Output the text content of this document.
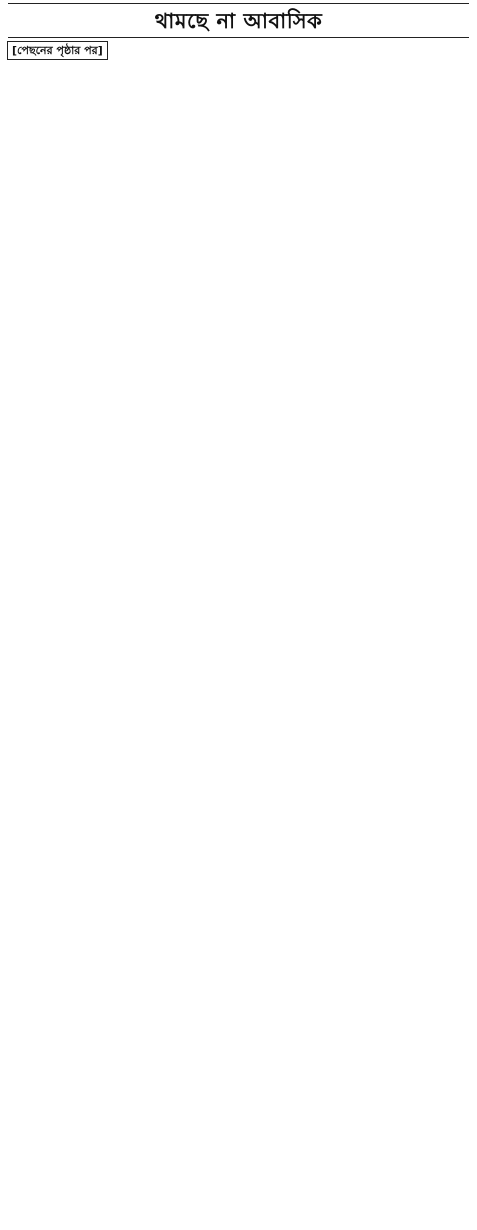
থামছে না আবাসিক
[পেছনের পৃষ্ঠার পর]
